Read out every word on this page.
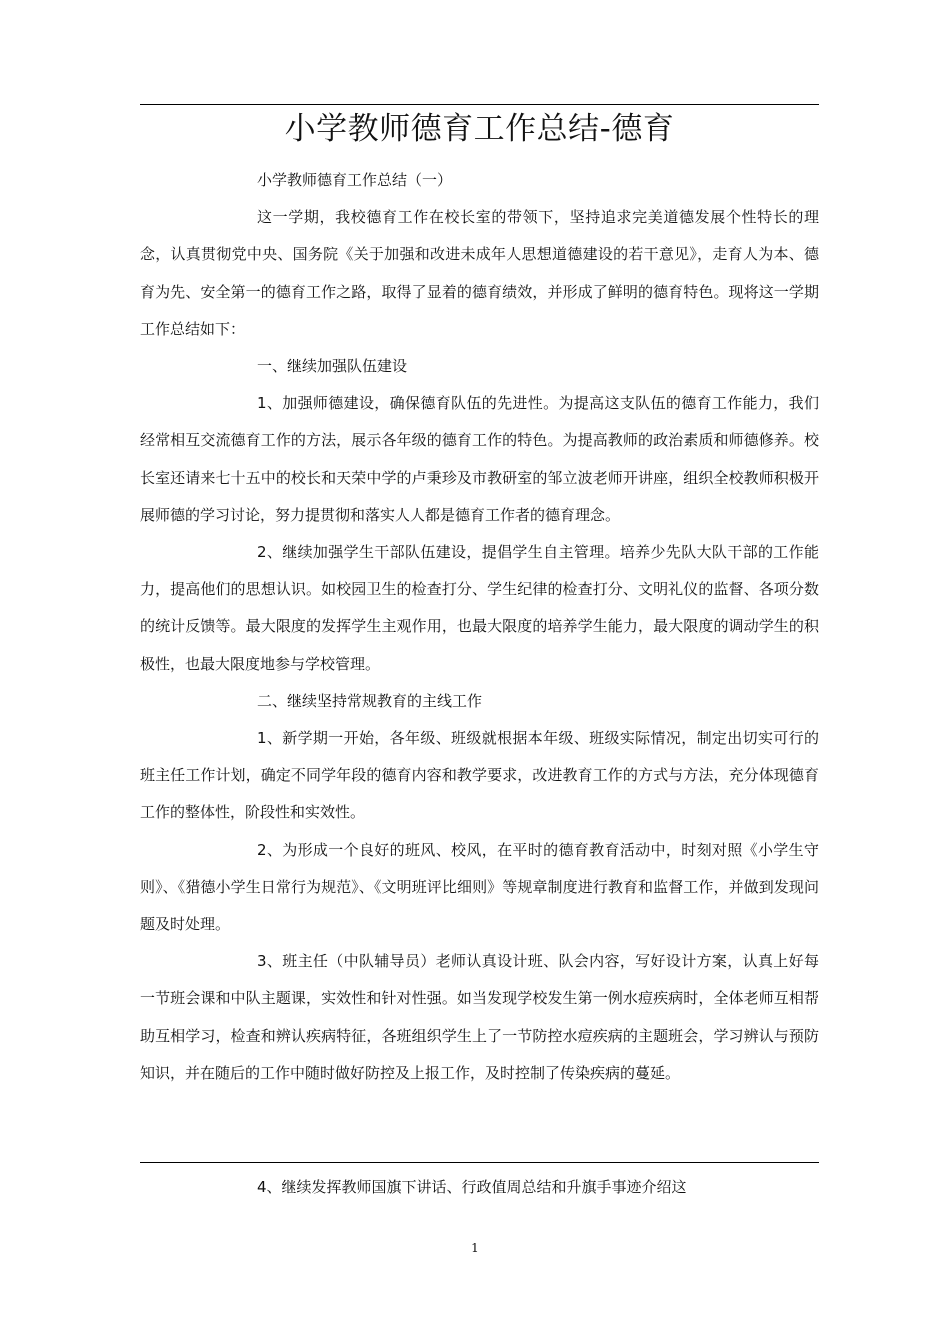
小学教师德育工作总结-德育

小学教师德育工作总结（一）

这一学期，我校德育工作在校长室的带领下，坚持追求完美道德发展个性特长的理念，认真贯彻党中央、国务院《关于加强和改进未成年人思想道德建设的若干意见》，走育人为本、德育为先、安全第一的德育工作之路，取得了显着的德育绩效，并形成了鲜明的德育特色。现将这一学期工作总结如下：

一、继续加强队伍建设

1、加强师德建设，确保德育队伍的先进性。为提高这支队伍的德育工作能力，我们经常相互交流德育工作的方法，展示各年级的德育工作的特色。为提高教师的政治素质和师德修养。校长室还请来七十五中的校长和天荣中学的卢秉珍及市教研室的邹立波老师开讲座，组织全校教师积极开展师德的学习讨论，努力提贯彻和落实人人都是德育工作者的德育理念。

2、继续加强学生干部队伍建设，提倡学生自主管理。培养少先队大队干部的工作能力，提高他们的思想认识。如校园卫生的检查打分、学生纪律的检查打分、文明礼仪的监督、各项分数的统计反馈等。最大限度的发挥学生主观作用，也最大限度的培养学生能力，最大限度的调动学生的积极性，也最大限度地参与学校管理。

二、继续坚持常规教育的主线工作

1、新学期一开始，各年级、班级就根据本年级、班级实际情况，制定出切实可行的班主任工作计划，确定不同学年段的德育内容和教学要求，改进教育工作的方式与方法，充分体现德育工作的整体性，阶段性和实效性。

2、为形成一个良好的班风、校风，在平时的德育教育活动中，时刻对照《小学生守则》、《猎德小学生日常行为规范》、《文明班评比细则》等规章制度进行教育和监督工作，并做到发现问题及时处理。

3、班主任（中队辅导员）老师认真设计班、队会内容，写好设计方案，认真上好每一节班会课和中队主题课，实效性和针对性强。如当发现学校发生第一例水痘疾病时，全体老师互相帮助互相学习，检查和辨认疾病特征，各班组织学生上了一节防控水痘疾病的主题班会，学习辨认与预防知识，并在随后的工作中随时做好防控及上报工作，及时控制了传染疾病的蔓延。

4、继续发挥教师国旗下讲话、行政值周总结和升旗手事迹介绍这

1
